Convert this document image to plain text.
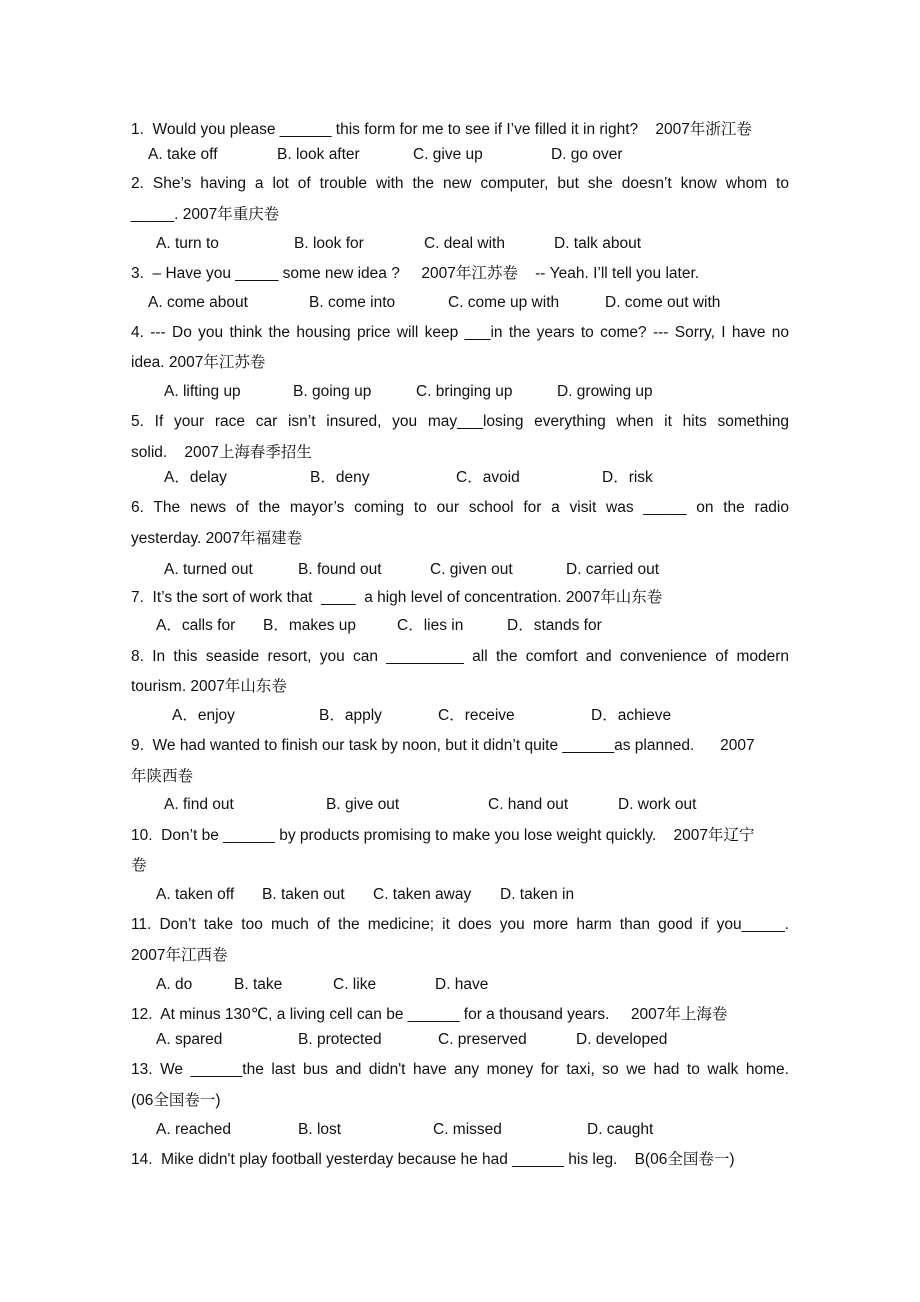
1.  Would you please ______ this form for me to see if I’ve filled it in right?    2007年浙江卷
A. take off	B. look after	C. give up	D. go over
2. She’s having a lot of trouble with the new computer, but she doesn’t know whom to
_____. 2007年重庆卷
A. turn to	B. look for	C. deal with	D. talk about
3.  – Have you _____ some new idea ?     2007年江苏卷    -- Yeah. I’ll tell you later.
A. come about	B. come into	C. come up with	D. come out with
4. --- Do you think the housing price will keep ___in the years to come? --- Sorry, I have no
idea. 2007年江苏卷
A. lifting up	B. going up	C. bringing up	D. growing up
5. If your race car isn’t insured, you may___losing everything when it hits something
solid.    2007上海春季招生
A．delay	B．deny	C．avoid	D．risk
6. The news of the mayor’s coming to our school for a visit was _____ on the radio
yesterday. 2007年福建卷
A. turned out	B. found out	C. given out	D. carried out
7.  It’s the sort of work that  ____  a high level of concentration. 2007年山东卷
A．calls for B．makes up	C．lies in	D．stands for
8. In this seaside resort, you can _________ all the comfort and convenience of modern
tourism. 2007年山东卷
A．enjoy	B．apply	C．receive	D．achieve
9.  We had wanted to finish our task by noon, but it didn’t quite ______as planned.      2007
年陕西卷
A. find out	B. give out	C. hand out	D. work out
10.  Don’t be ______ by products promising to make you lose weight quickly.    2007年辽宁
卷
A. taken off B. taken out C. taken away D. taken in
11. Don’t take too much of the medicine; it does you more harm than good if you_____.
2007年江西卷
A. do	B. take	C. like	D. have
12.  At minus 130℃, a living cell can be ______ for a thousand years.     2007年上海卷
A. spared	B. protected	C. preserved	D. developed
13. We ______the last bus and didn't have any money for taxi, so we had to walk home.
(06全国卷一)
A. reached	B. lost	C. missed	D. caught
14.  Mike didn't play football yesterday because he had ______ his leg.    B(06全国卷一)
